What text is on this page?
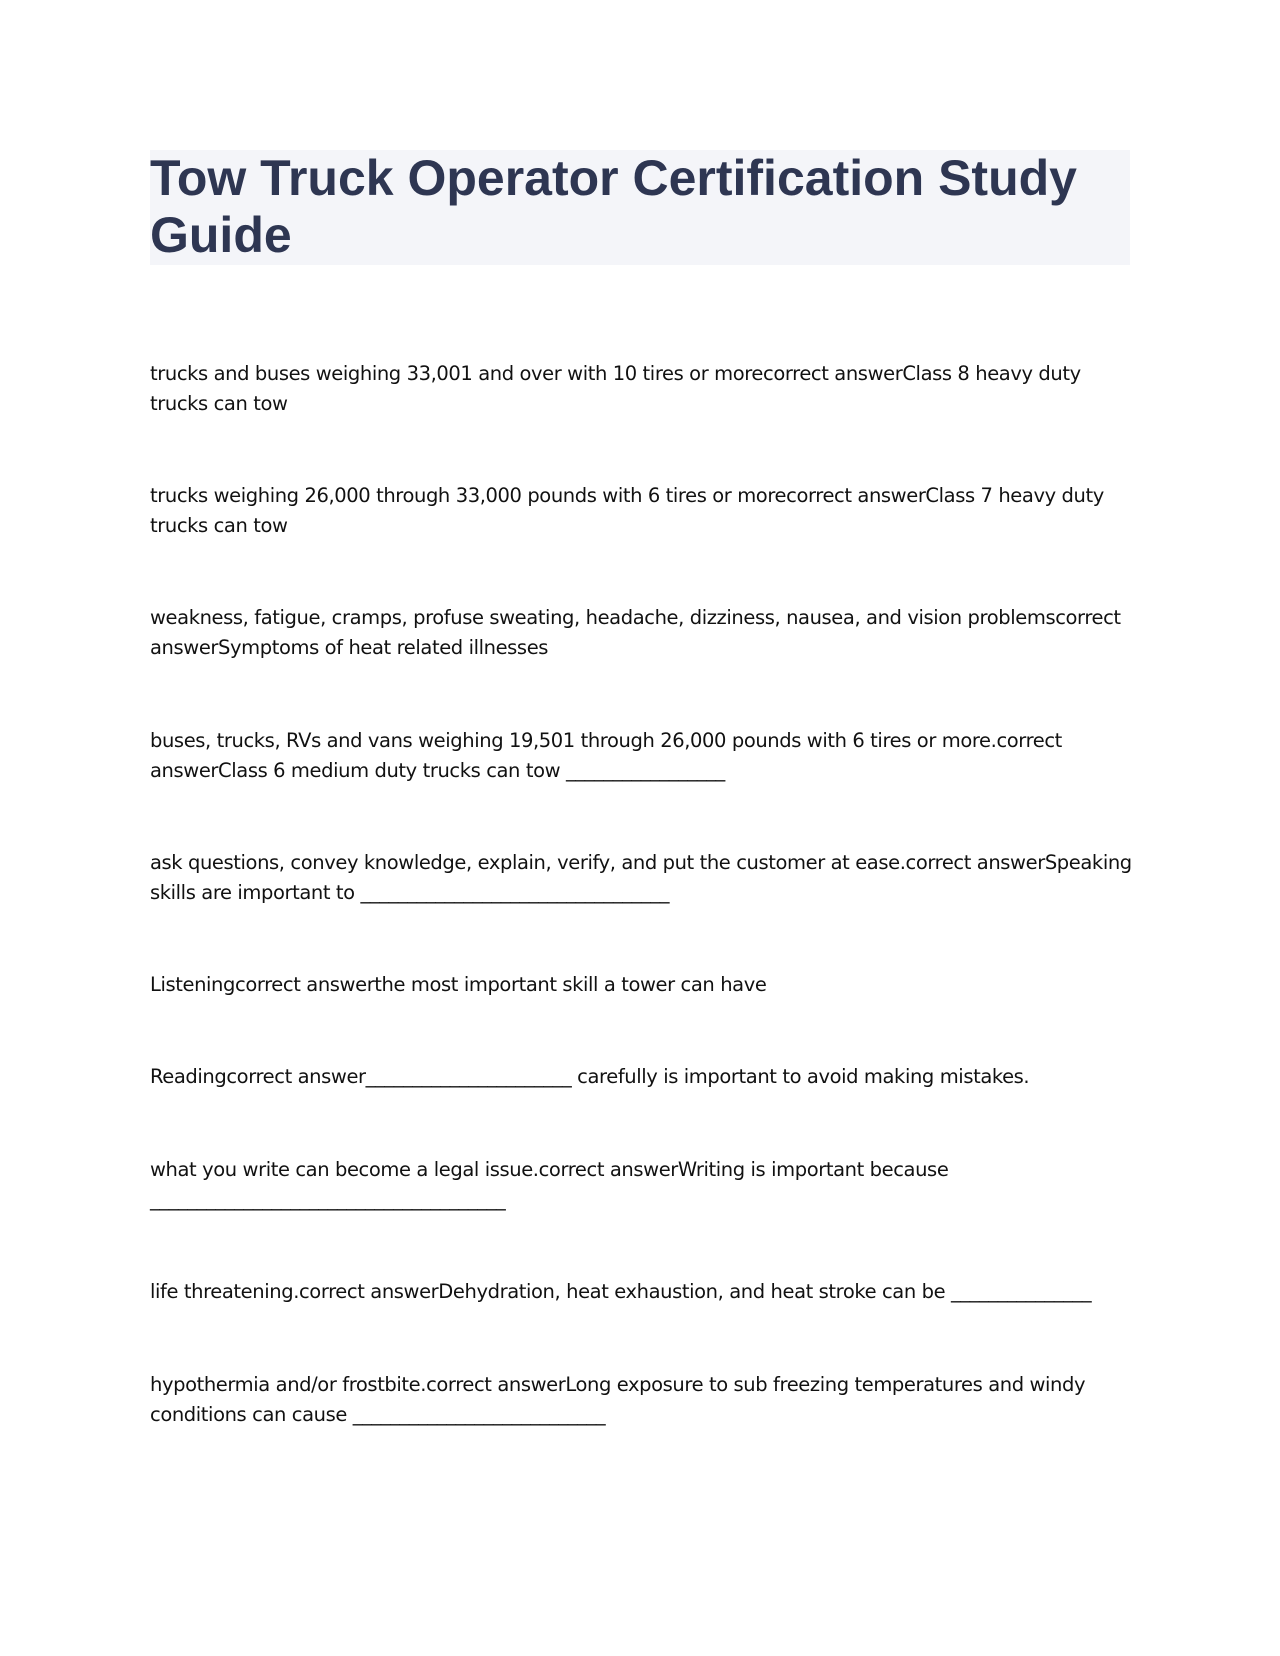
Tow Truck Operator Certification Study Guide
trucks and buses weighing 33,001 and over with 10 tires or morecorrect answerClass 8 heavy duty trucks can tow
trucks weighing 26,000 through 33,000 pounds with 6 tires or morecorrect answerClass 7 heavy duty trucks can tow
weakness, fatigue, cramps, profuse sweating, headache, dizziness, nausea, and vision problemscorrect answerSymptoms of heat related illnesses
buses, trucks, RVs and vans weighing 19,501 through 26,000 pounds with 6 tires or more.correct answerClass 6 medium duty trucks can tow _________________
ask questions, convey knowledge, explain, verify, and put the customer at ease.correct answerSpeaking skills are important to _________________________________
Listeningcorrect answerthe most important skill a tower can have
Readingcorrect answer______________________ carefully is important to avoid making mistakes.
what you write can become a legal issue.correct answerWriting is important because ______________________________________
life threatening.correct answerDehydration, heat exhaustion, and heat stroke can be _______________
hypothermia and/or frostbite.correct answerLong exposure to sub freezing temperatures and windy conditions can cause ___________________________
